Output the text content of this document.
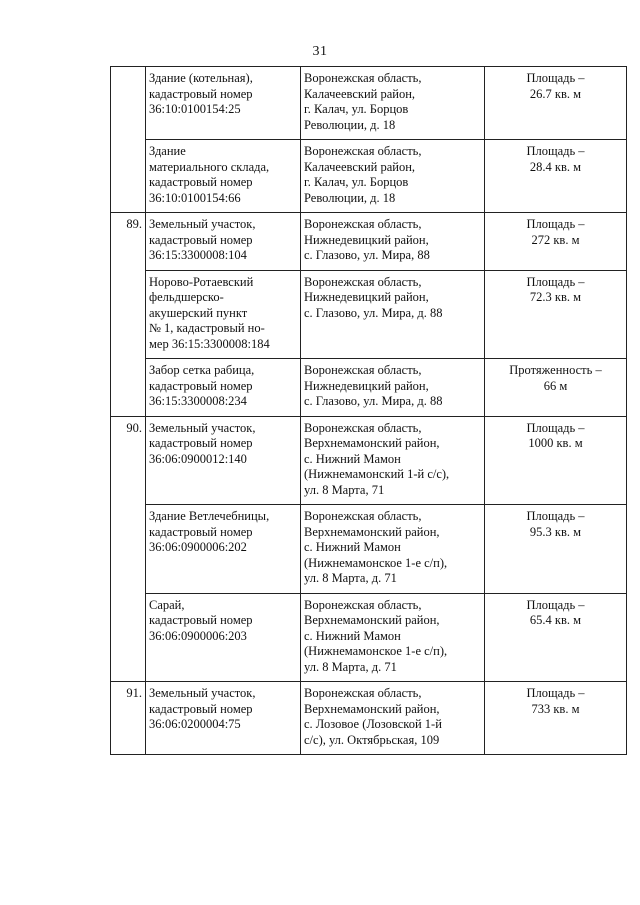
31

	Здание (котельная),
кадастровый номер
36:10:0100154:25	Воронежская область,
Калачеевский район,
г. Калач, ул. Борцов
Революции, д. 18	Площадь –
26.7 кв. м

	Здание
материального склада,
кадастровый номер
36:10:0100154:66	Воронежская область,
Калачеевский район,
г. Калач, ул. Борцов
Революции, д. 18	Площадь –
28.4 кв. м

89.	Земельный участок,
кадастровый номер
36:15:3300008:104	Воронежская область,
Нижнедевицкий район,
с. Глазово, ул. Мира, 88	Площадь –
272 кв. м

	Норово-Ротаевский
фельдшерско-
акушерский пункт
№ 1, кадастровый но-
мер 36:15:3300008:184	Воронежская область,
Нижнедевицкий район,
с. Глазово, ул. Мира, д. 88	Площадь –
72.3 кв. м

	Забор сетка рабица,
кадастровый номер
36:15:3300008:234	Воронежская область,
Нижнедевицкий район,
с. Глазово, ул. Мира, д. 88	Протяженность –
66 м

90.	Земельный участок,
кадастровый номер
36:06:0900012:140	Воронежская область,
Верхнемамонский район,
с. Нижний Мамон
(Нижнемамонский 1-й с/с),
ул. 8 Марта, 71	Площадь –
1000 кв. м

	Здание Ветлечебницы,
кадастровый номер
36:06:0900006:202	Воронежская область,
Верхнемамонский район,
с. Нижний Мамон
(Нижнемамонское 1-е с/п),
ул. 8 Марта, д. 71	Площадь –
95.3 кв. м

	Сарай,
кадастровый номер
36:06:0900006:203	Воронежская область,
Верхнемамонский район,
с. Нижний Мамон
(Нижнемамонское 1-е с/п),
ул. 8 Марта, д. 71	Площадь –
65.4 кв. м

91.	Земельный участок,
кадастровый номер
36:06:0200004:75	Воронежская область,
Верхнемамонский район,
с. Лозовое (Лозовской 1-й
с/с), ул. Октябрьская, 109	Площадь –
733 кв. м
